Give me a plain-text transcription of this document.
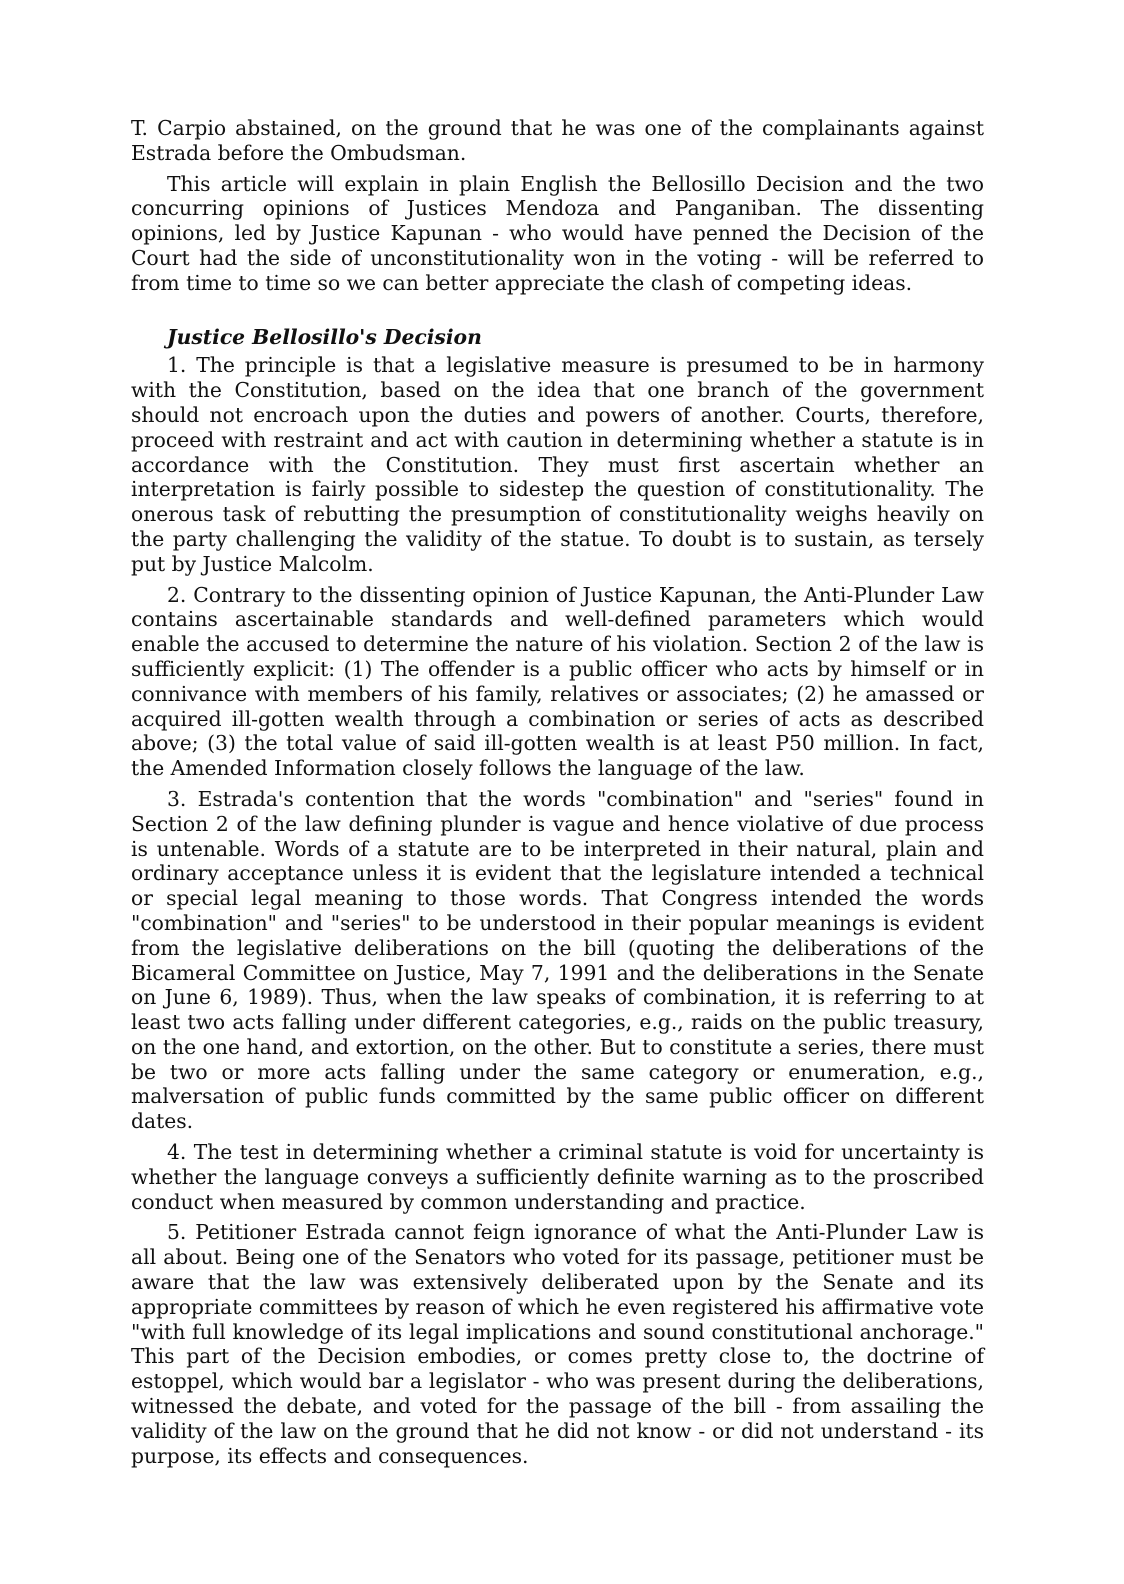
T. Carpio abstained, on the ground that he was one of the complainants against Estrada before the Ombudsman.

This article will explain in plain English the Bellosillo Decision and the two concurring opinions of Justices Mendoza and Panganiban. The dissenting opinions, led by Justice Kapunan - who would have penned the Decision of the Court had the side of unconstitutionality won in the voting - will be referred to from time to time so we can better appreciate the clash of competing ideas.

Justice Bellosillo's Decision

1. The principle is that a legislative measure is presumed to be in harmony with the Constitution, based on the idea that one branch of the government should not encroach upon the duties and powers of another. Courts, therefore, proceed with restraint and act with caution in determining whether a statute is in accordance with the Constitution. They must first ascertain whether an interpretation is fairly possible to sidestep the question of constitutionality. The onerous task of rebutting the presumption of constitutionality weighs heavily on the party challenging the validity of the statue. To doubt is to sustain, as tersely put by Justice Malcolm.

2. Contrary to the dissenting opinion of Justice Kapunan, the Anti-Plunder Law contains ascertainable standards and well-defined parameters which would enable the accused to determine the nature of his violation. Section 2 of the law is sufficiently explicit: (1) The offender is a public officer who acts by himself or in connivance with members of his family, relatives or associates; (2) he amassed or acquired ill-gotten wealth through a combination or series of acts as described above; (3) the total value of said ill-gotten wealth is at least P50 million. In fact, the Amended Information closely follows the language of the law.

3. Estrada's contention that the words "combination" and "series" found in Section 2 of the law defining plunder is vague and hence violative of due process is untenable. Words of a statute are to be interpreted in their natural, plain and ordinary acceptance unless it is evident that the legislature intended a technical or special legal meaning to those words. That Congress intended the words "combination" and "series" to be understood in their popular meanings is evident from the legislative deliberations on the bill (quoting the deliberations of the Bicameral Committee on Justice, May 7, 1991 and the deliberations in the Senate on June 6, 1989). Thus, when the law speaks of combination, it is referring to at least two acts falling under different categories, e.g., raids on the public treasury, on the one hand, and extortion, on the other. But to constitute a series, there must be two or more acts falling under the same category or enumeration, e.g., malversation of public funds committed by the same public officer on different dates.

4. The test in determining whether a criminal statute is void for uncertainty is whether the language conveys a sufficiently definite warning as to the proscribed conduct when measured by common understanding and practice.

5. Petitioner Estrada cannot feign ignorance of what the Anti-Plunder Law is all about. Being one of the Senators who voted for its passage, petitioner must be aware that the law was extensively deliberated upon by the Senate and its appropriate committees by reason of which he even registered his affirmative vote "with full knowledge of its legal implications and sound constitutional anchorage." This part of the Decision embodies, or comes pretty close to, the doctrine of estoppel, which would bar a legislator - who was present during the deliberations, witnessed the debate, and voted for the passage of the bill - from assailing the validity of the law on the ground that he did not know - or did not understand - its purpose, its effects and consequences.
